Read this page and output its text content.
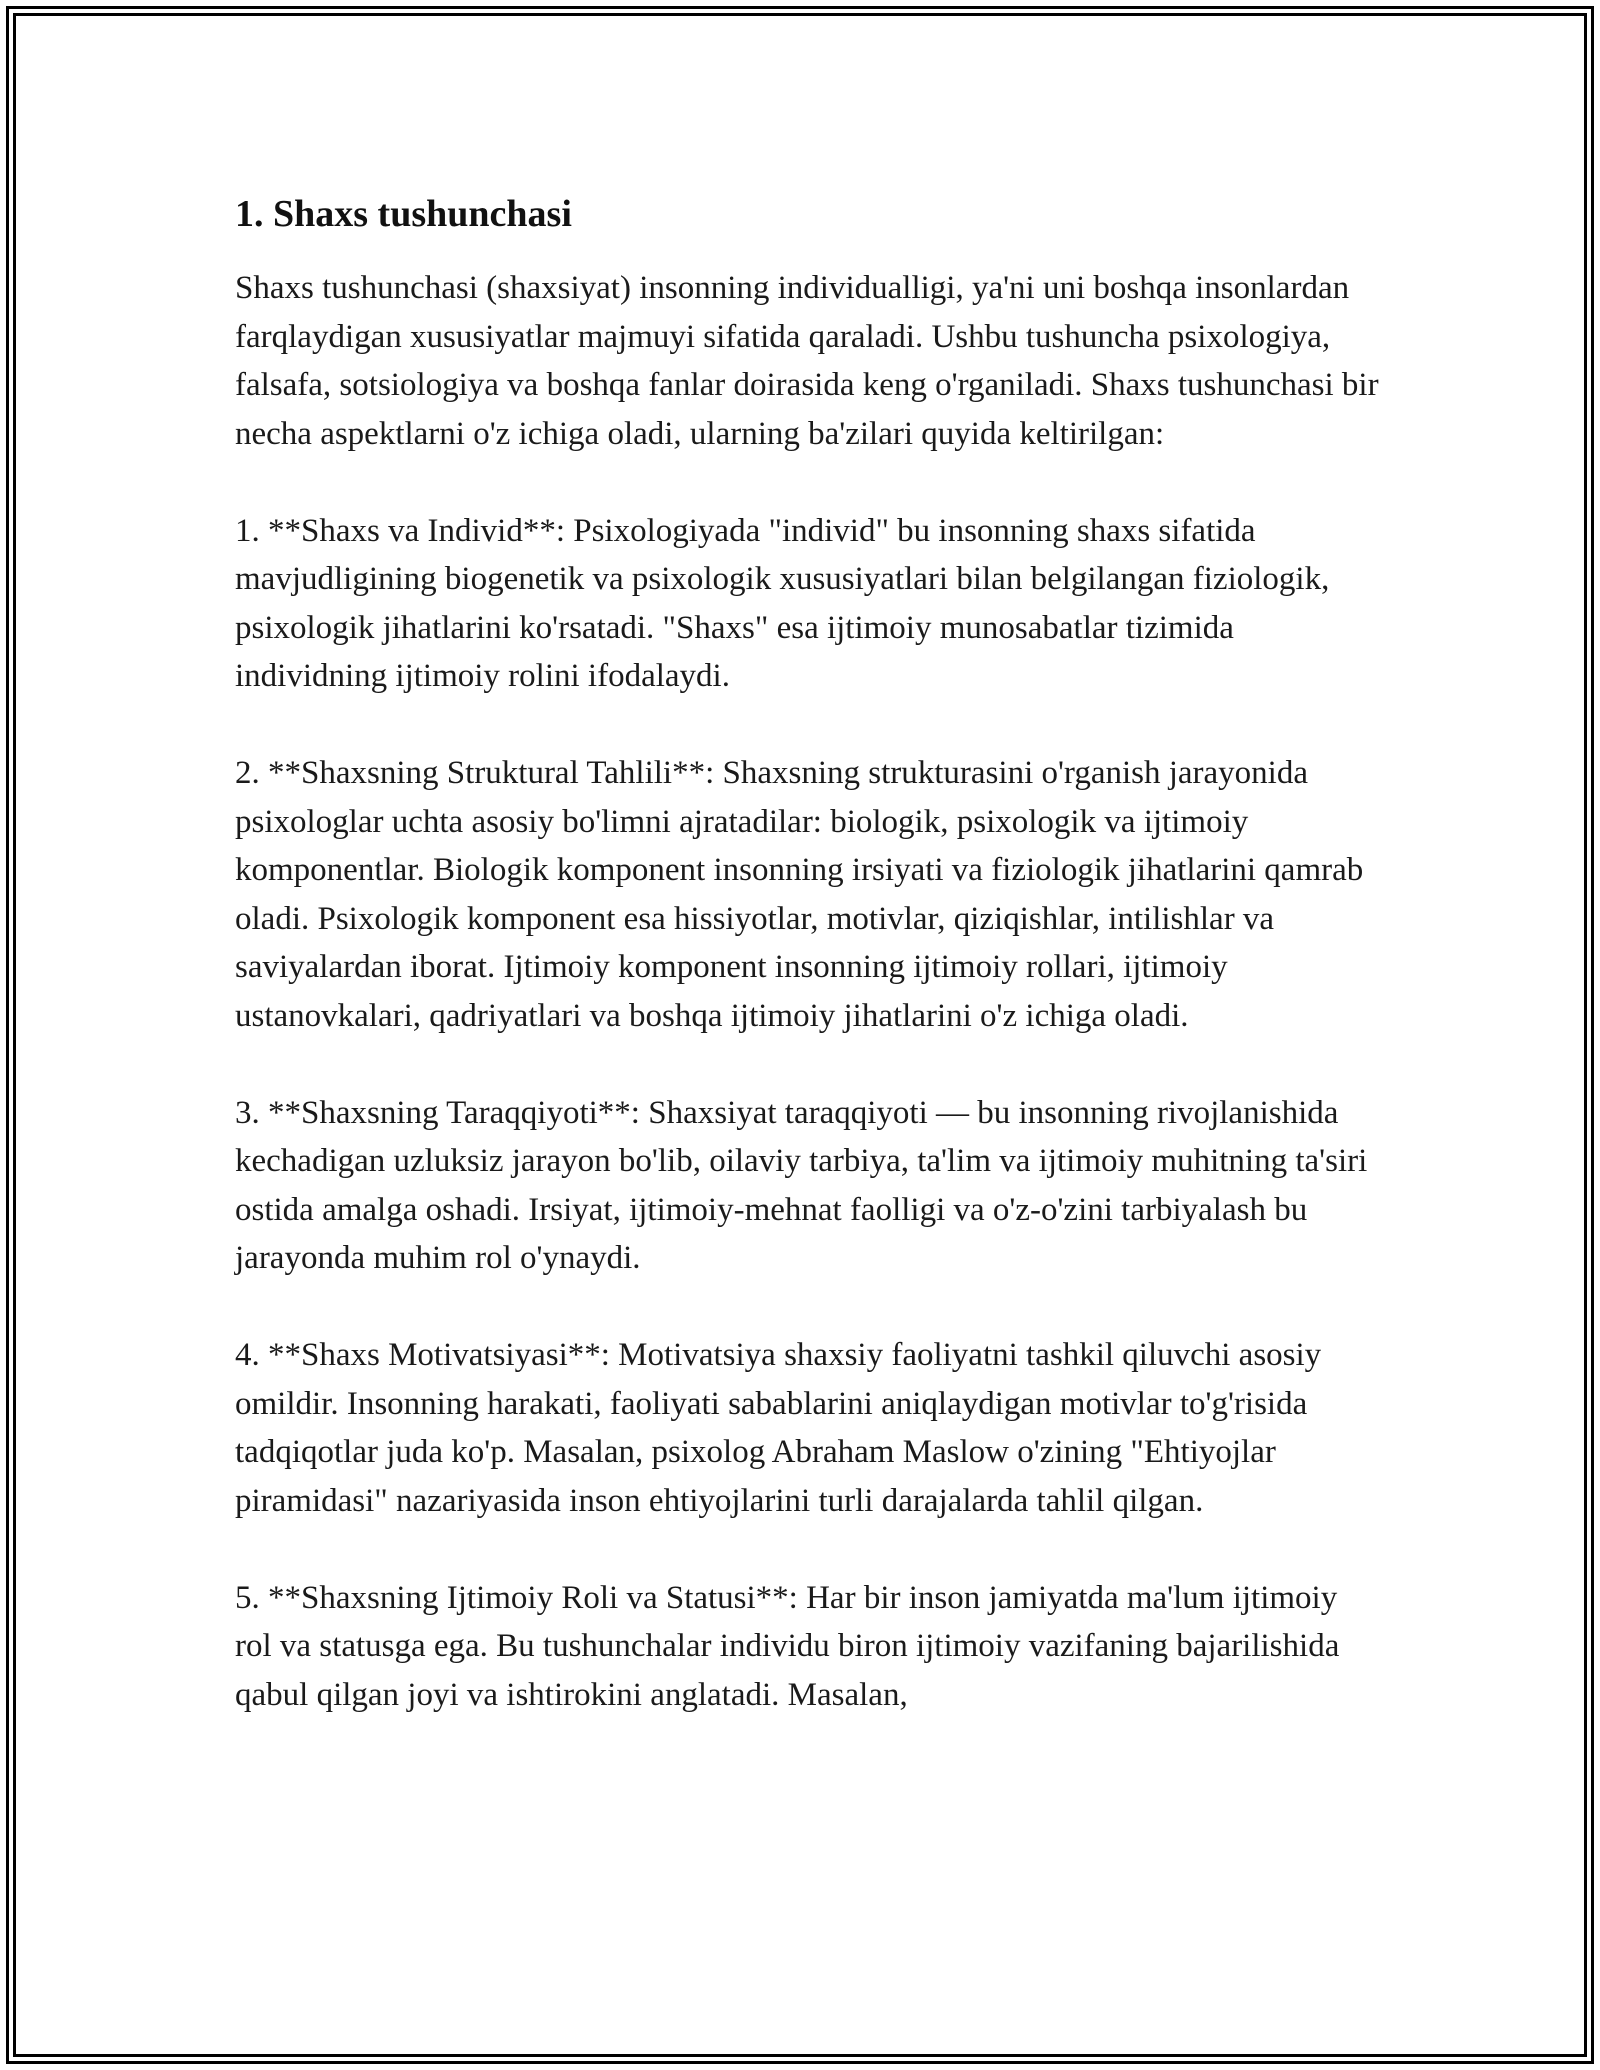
1. Shaxs tushunchasi

Shaxs tushunchasi (shaxsiyat) insonning individualligi, ya'ni uni boshqa insonlardan farqlaydigan xususiyatlar majmuyi sifatida qaraladi. Ushbu tushuncha psixologiya, falsafa, sotsiologiya va boshqa fanlar doirasida keng o'rganiladi. Shaxs tushunchasi bir necha aspektlarni o'z ichiga oladi, ularning ba'zilari quyida keltirilgan:

1. **Shaxs va Individ**: Psixologiyada "individ" bu insonning shaxs sifatida mavjudligining biogenetik va psixologik xususiyatlari bilan belgilangan fiziologik, psixologik jihatlarini ko'rsatadi. "Shaxs" esa ijtimoiy munosabatlar tizimida individning ijtimoiy rolini ifodalaydi.

2. **Shaxsning Struktural Tahlili**: Shaxsning strukturasini o'rganish jarayonida psixologlar uchta asosiy bo'limni ajratadilar: biologik, psixologik va ijtimoiy komponentlar. Biologik komponent insonning irsiyati va fiziologik jihatlarini qamrab oladi. Psixologik komponent esa hissiyotlar, motivlar, qiziqishlar, intilishlar va saviyalardan iborat. Ijtimoiy komponent insonning ijtimoiy rollari, ijtimoiy ustanovkalari, qadriyatlari va boshqa ijtimoiy jihatlarini o'z ichiga oladi.

3. **Shaxsning Taraqqiyoti**: Shaxsiyat taraqqiyoti — bu insonning rivojlanishida kechadigan uzluksiz jarayon bo'lib, oilaviy tarbiya, ta'lim va ijtimoiy muhitning ta'siri ostida amalga oshadi. Irsiyat, ijtimoiy-mehnat faolligi va o'z-o'zini tarbiyalash bu jarayonda muhim rol o'ynaydi.

4. **Shaxs Motivatsiyasi**: Motivatsiya shaxsiy faoliyatni tashkil qiluvchi asosiy omildir. Insonning harakati, faoliyati sabablarini aniqlaydigan motivlar to'g'risida tadqiqotlar juda ko'p. Masalan, psixolog Abraham Maslow o'zining "Ehtiyojlar piramidasi" nazariyasida inson ehtiyojlarini turli darajalarda tahlil qilgan.

5. **Shaxsning Ijtimoiy Roli va Statusi**: Har bir inson jamiyatda ma'lum ijtimoiy rol va statusga ega. Bu tushunchalar individu biron ijtimoiy vazifaning bajarilishida qabul qilgan joyi va ishtirokini anglatadi. Masalan,
